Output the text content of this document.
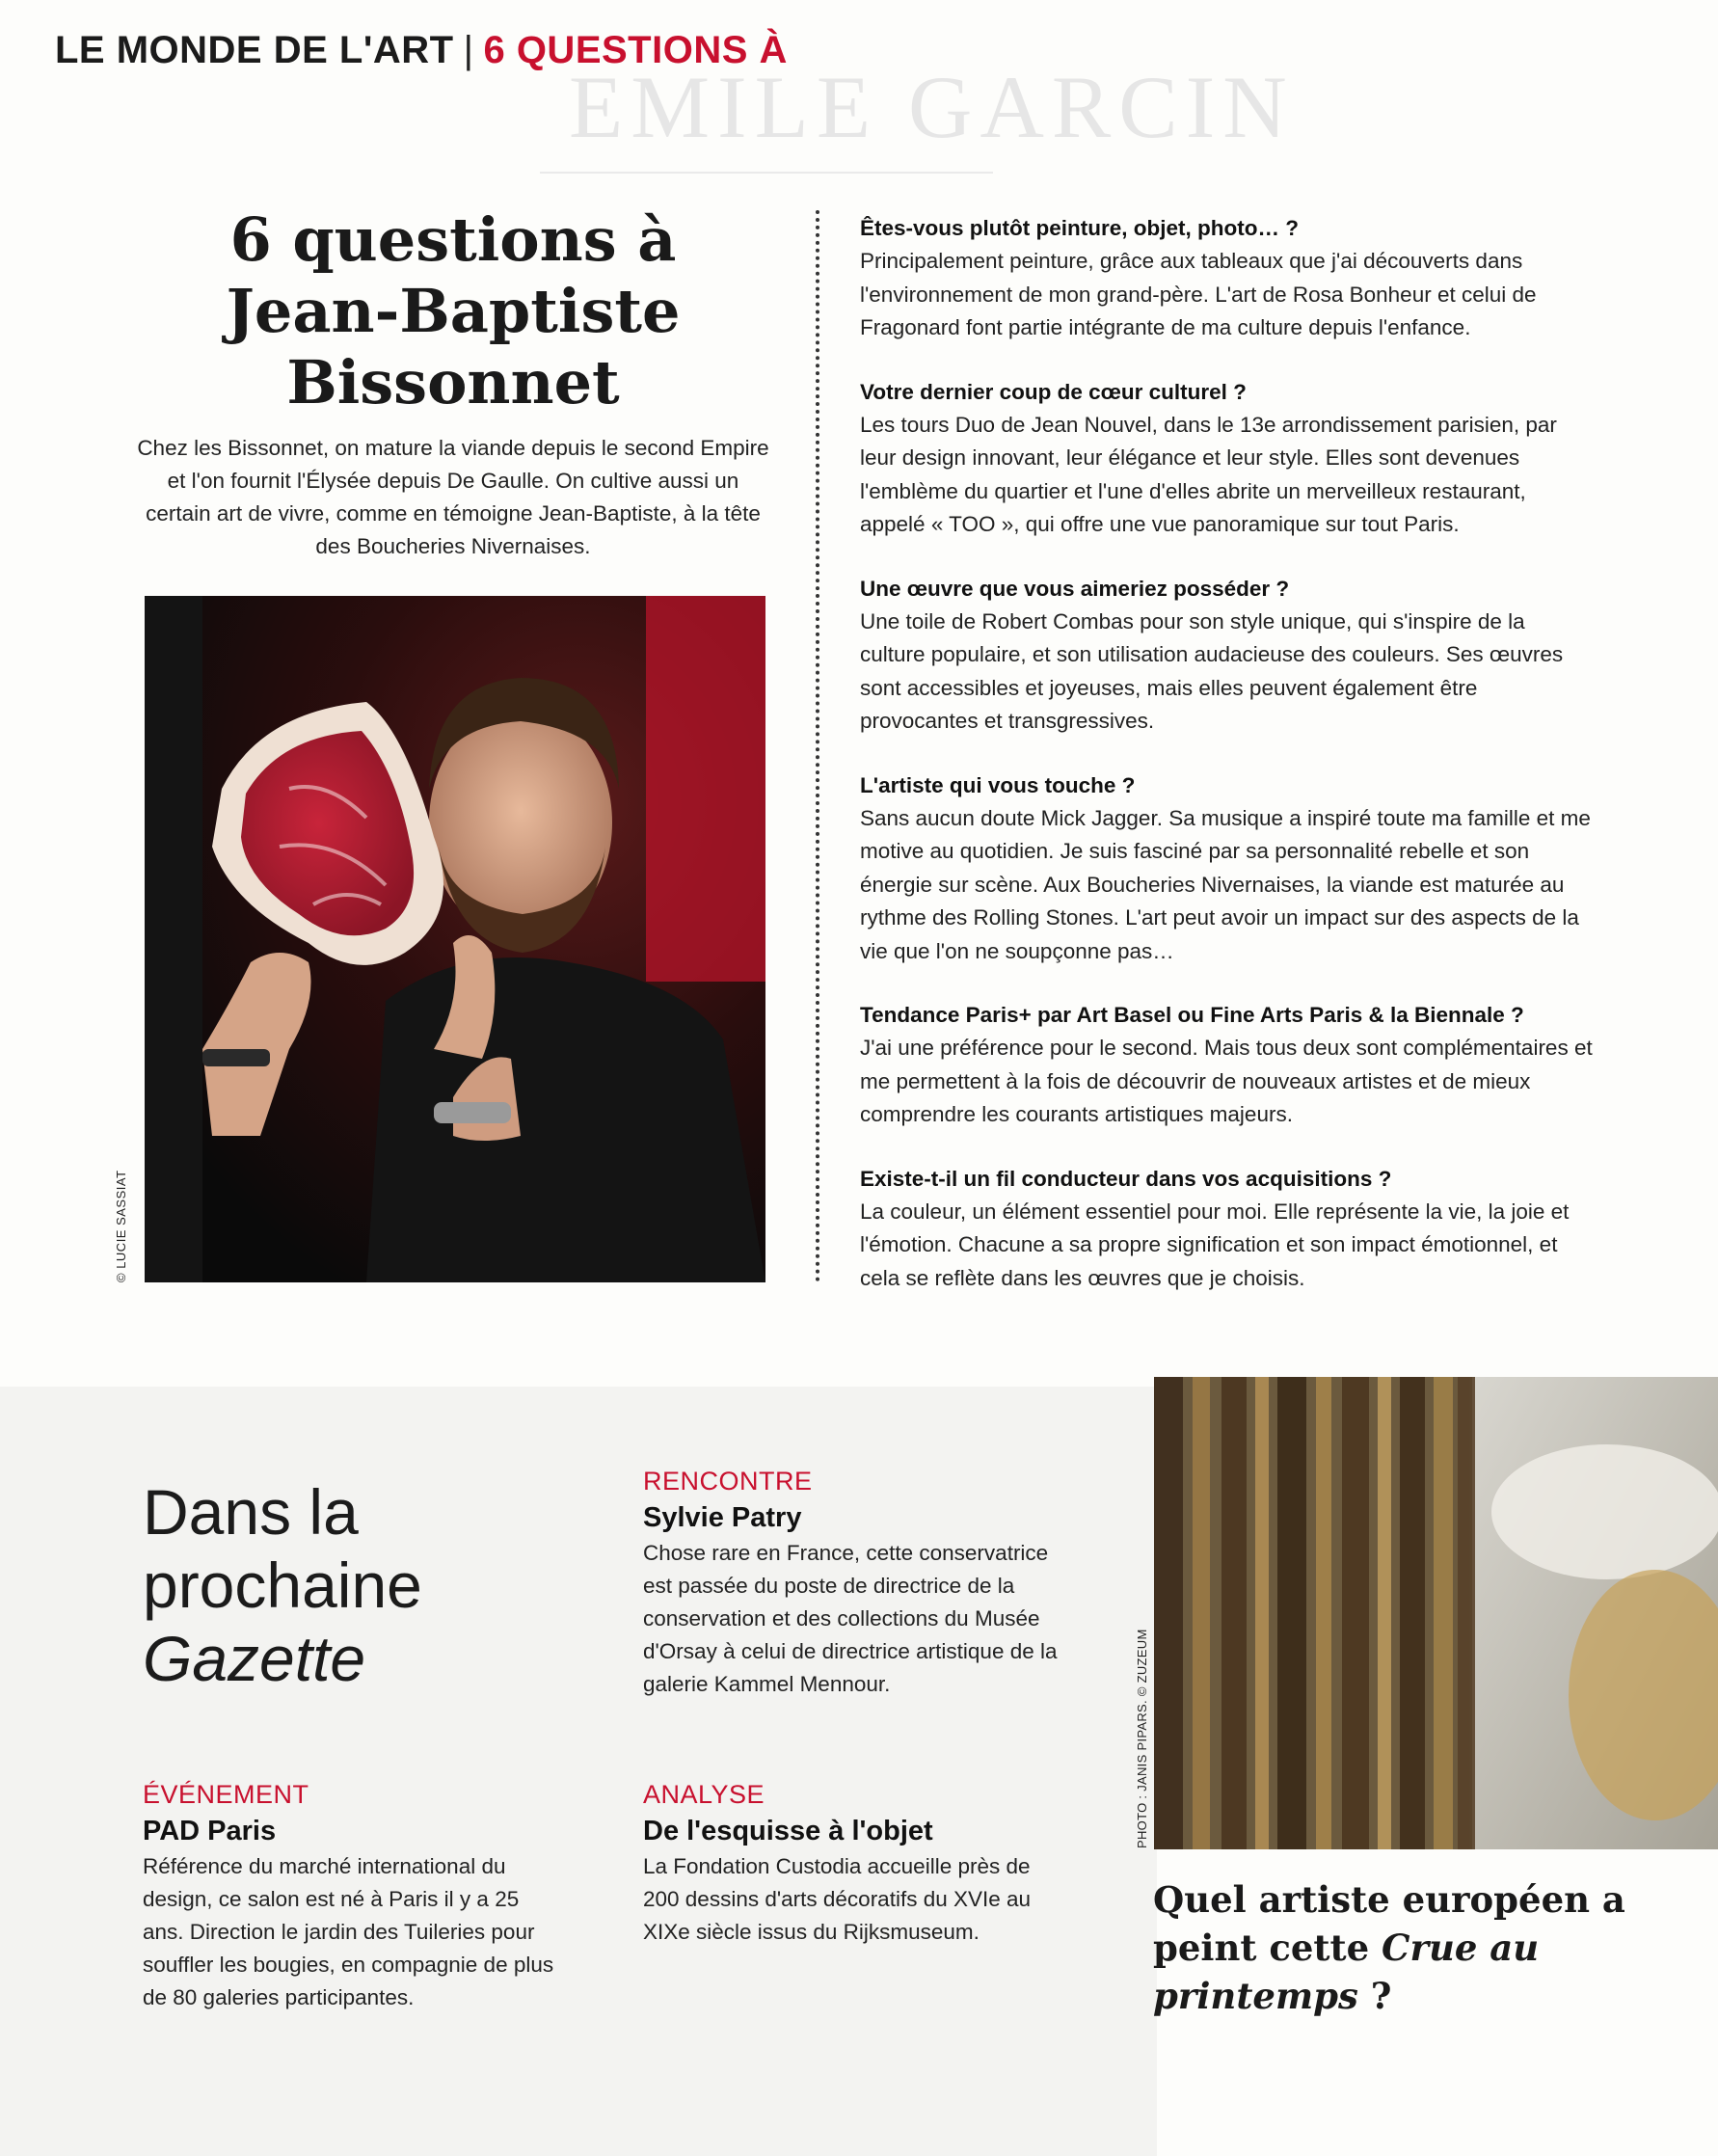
LE MONDE DE L'ART | 6 QUESTIONS À
EMILE GARCIN
6 questions à
Jean-Baptiste
Bissonnet
Chez les Bissonnet, on mature la viande depuis le second Empire et l'on fournit l'Élysée depuis De Gaulle. On cultive aussi un certain art de vivre, comme en témoigne Jean-Baptiste, à la tête des Boucheries Nivernaises.
© LUCIE SASSIAT
Êtes-vous plutôt peinture, objet, photo… ?
Principalement peinture, grâce aux tableaux que j'ai découverts dans l'environnement de mon grand-père. L'art de Rosa Bonheur et celui de Fragonard font partie intégrante de ma culture depuis l'enfance.
Votre dernier coup de cœur culturel ?
Les tours Duo de Jean Nouvel, dans le 13e arrondissement parisien, par leur design innovant, leur élégance et leur style. Elles sont devenues l'emblème du quartier et l'une d'elles abrite un merveilleux restaurant, appelé « TOO », qui offre une vue panoramique sur tout Paris.
Une œuvre que vous aimeriez posséder ?
Une toile de Robert Combas pour son style unique, qui s'inspire de la culture populaire, et son utilisation audacieuse des couleurs. Ses œuvres sont accessibles et joyeuses, mais elles peuvent également être provocantes et transgressives.
L'artiste qui vous touche ?
Sans aucun doute Mick Jagger. Sa musique a inspiré toute ma famille et me motive au quotidien. Je suis fasciné par sa personnalité rebelle et son énergie sur scène. Aux Boucheries Nivernaises, la viande est maturée au rythme des Rolling Stones. L'art peut avoir un impact sur des aspects de la vie que l'on ne soupçonne pas…
Tendance Paris+ par Art Basel ou Fine Arts Paris & la Biennale ?
J'ai une préférence pour le second. Mais tous deux sont complémentaires et me permettent à la fois de découvrir de nouveaux artistes et de mieux comprendre les courants artistiques majeurs.
Existe-t-il un fil conducteur dans vos acquisitions ?
La couleur, un élément essentiel pour moi. Elle représente la vie, la joie et l'émotion. Chacune a sa propre signification et son impact émotionnel, et cela se reflète dans les œuvres que je choisis.
Dans la
prochaine
Gazette
RENCONTRE
Sylvie Patry
Chose rare en France, cette conservatrice est passée du poste de directrice de la conservation et des collections du Musée d'Orsay à celui de directrice artistique de la galerie Kammel Mennour.
ÉVÉNEMENT
PAD Paris
Référence du marché international du design, ce salon est né à Paris il y a 25 ans. Direction le jardin des Tuileries pour souffler les bougies, en compagnie de plus de 80 galeries participantes.
ANALYSE
De l'esquisse à l'objet
La Fondation Custodia accueille près de 200 dessins d'arts décoratifs du XVIe au XIXe siècle issus du Rijksmuseum.
PHOTO : JANIS PIPARS. © ZUZEUM
Quel artiste européen a peint cette Crue au printemps ?
